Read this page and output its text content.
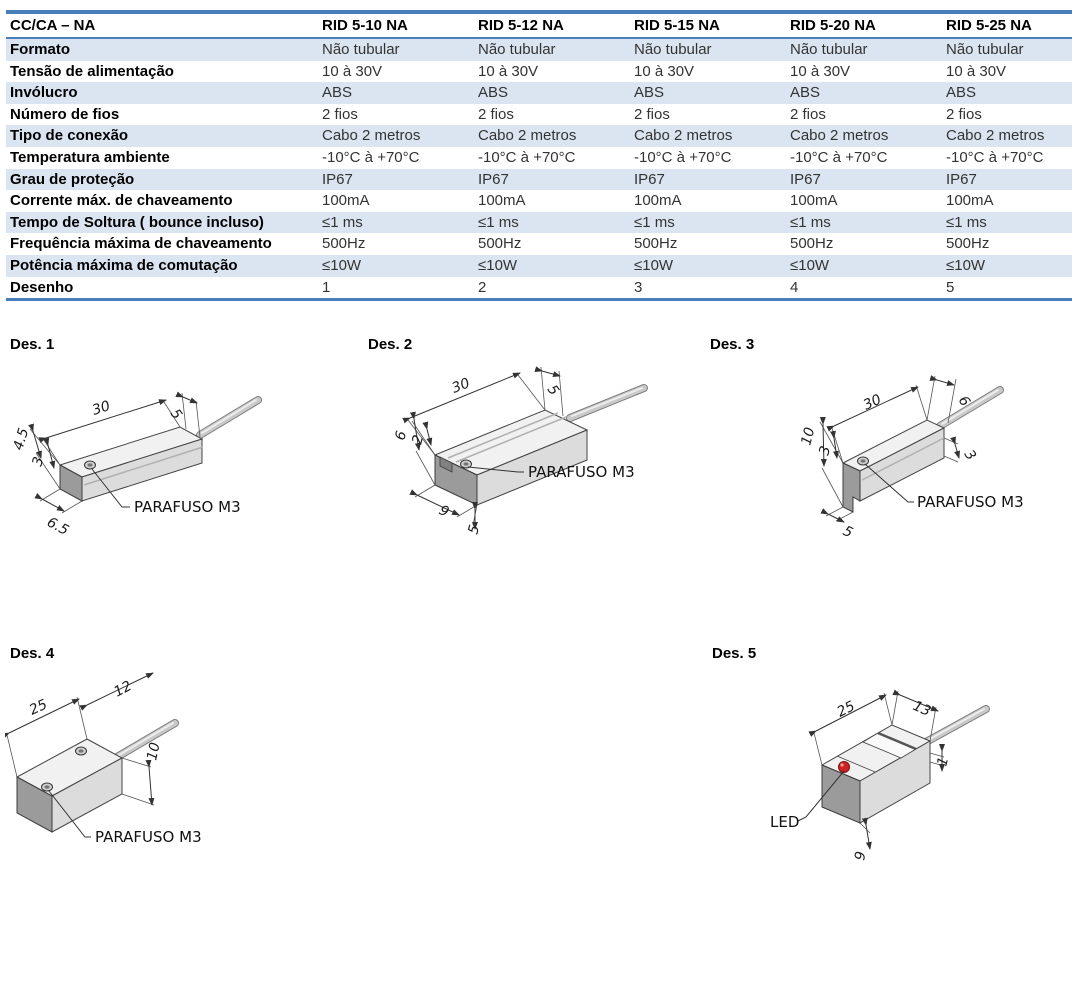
CC/CA – NA	RID 5-10 NA	RID 5-12 NA	RID 5-15 NA	RID 5-20 NA	RID 5-25 NA
Formato	Não tubular	Não tubular	Não tubular	Não tubular	Não tubular
Tensão de alimentação	10 à 30V	10 à 30V	10 à 30V	10 à 30V	10 à 30V
Invólucro	ABS	ABS	ABS	ABS	ABS
Número de fios	2 fios	2 fios	2 fios	2 fios	2 fios
Tipo de conexão	Cabo 2 metros	Cabo 2 metros	Cabo 2 metros	Cabo 2 metros	Cabo 2 metros
Temperatura ambiente	-10°C à +70°C	-10°C à +70°C	-10°C à +70°C	-10°C à +70°C	-10°C à +70°C
Grau de proteção	IP67	IP67	IP67	IP67	IP67
Corrente máx. de chaveamento	100mA	100mA	100mA	100mA	100mA
Tempo de Soltura ( bounce incluso)	≤1 ms	≤1 ms	≤1 ms	≤1 ms	≤1 ms
Frequência máxima de chaveamento	500Hz	500Hz	500Hz	500Hz	500Hz
Potência máxima de comutação	≤10W	≤10W	≤10W	≤10W	≤10W
Desenho	1	2	3	4	5
Des. 1	Des. 2	Des. 3
Des. 4	Des. 5
30	5
4.5
3
6.5
PARAFUSO M3
30	5
6 2
9
5
PARAFUSO M3
30	6
10
3	3
5
PARAFUSO M3
25
12
10
PARAFUSO M3
25	13
1
9
LED
